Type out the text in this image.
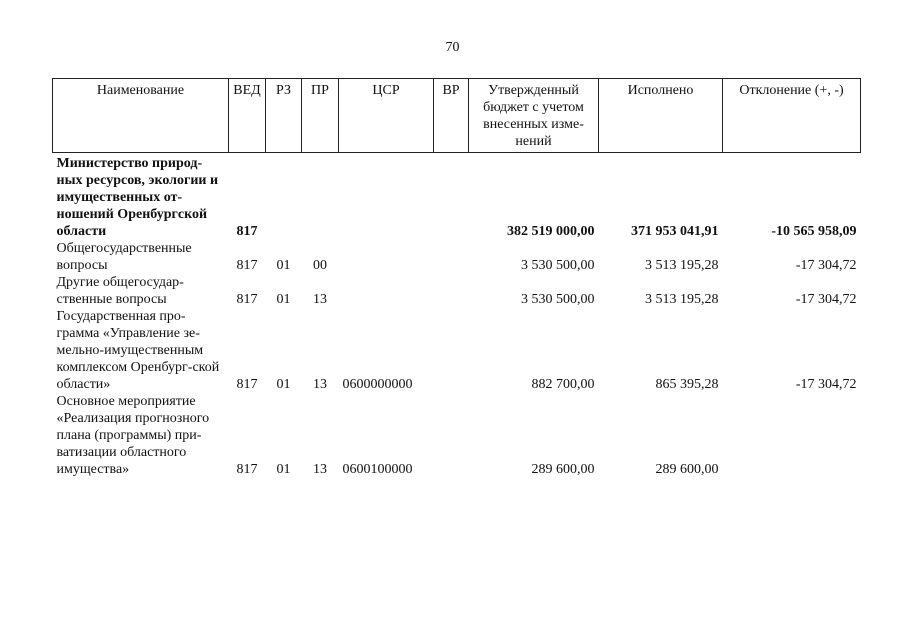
70
Наименование	ВЕД	РЗ	ПР	ЦСР	ВР	Утвержденный бюджет с учетом внесенных изме-нений	Исполнено	Отклонение (+, -)

Министерство природ-ных ресурсов, экологии и имущественных от-ношений Оренбургской области	817					382 519 000,00	371 953 041,91	-10 565 958,09
Общегосударственные вопросы	817	01	00			3 530 500,00	3 513 195,28	-17 304,72
Другие общегосудар-ственные вопросы	817	01	13			3 530 500,00	3 513 195,28	-17 304,72
Государственная про-грамма «Управление зе-мельно-имущественным комплексом Оренбург-ской области»	817	01	13	0600000000		882 700,00	865 395,28	-17 304,72
Основное мероприятие «Реализация прогнозного плана (программы) при-ватизации областного имущества»	817	01	13	0600100000		289 600,00	289 600,00	
